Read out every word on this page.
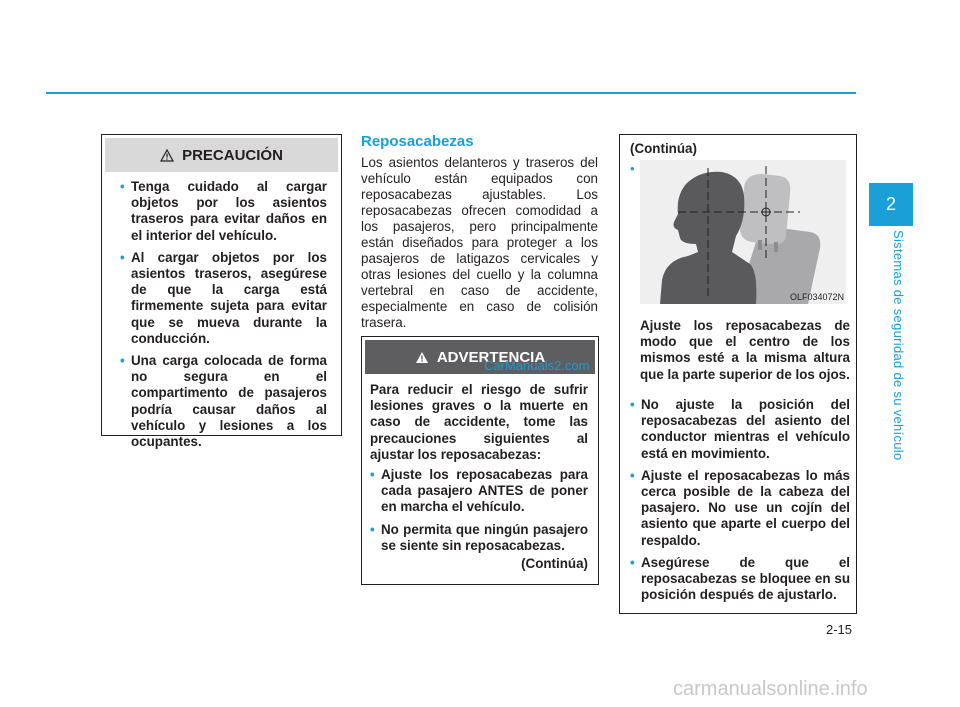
2
Sistemas de seguridad de su vehículo
PRECAUCIÓN
• Tenga cuidado al cargar objetos por los asientos traseros para evitar daños en el interior del vehículo.
• Al cargar objetos por los asientos traseros, asegúrese de que la carga está firmemente sujeta para evitar que se mueva durante la conducción.
• Una carga colocada de forma no segura en el compartimento de pasajeros podría causar daños al vehículo y lesiones a los ocupantes.
Reposacabezas
Los asientos delanteros y traseros del vehículo están equipados con reposacabezas ajustables. Los reposacabezas ofrecen comodidad a los pasajeros, pero principalmente están diseñados para proteger a los pasajeros de latigazos cervicales y otras lesiones del cuello y la columna vertebral en caso de accidente, especialmente en caso de colisión trasera.
ADVERTENCIA

Para reducir el riesgo de sufrir lesiones graves o la muerte en caso de accidente, tome las precauciones siguientes al ajustar los reposacabezas:

• Ajuste los reposacabezas para cada pasajero ANTES de poner en marcha el vehículo.
• No permita que ningún pasajero se siente sin reposacabezas.
(Continúa)
CarManuals2.com
(Continúa)
•
Ajuste los reposacabezas de modo que el centro de los mismos esté a la misma altura que la parte superior de los ojos.
• No ajuste la posición del reposacabezas del asiento del conductor mientras el vehículo está en movimiento.
• Ajuste el reposacabezas lo más cerca posible de la cabeza del pasajero. No use un cojín del asiento que aparte el cuerpo del respaldo.
• Asegúrese de que el reposacabezas se bloquee en su posición después de ajustarlo.
OLF034072N
2-15
carmanualsonline.info
